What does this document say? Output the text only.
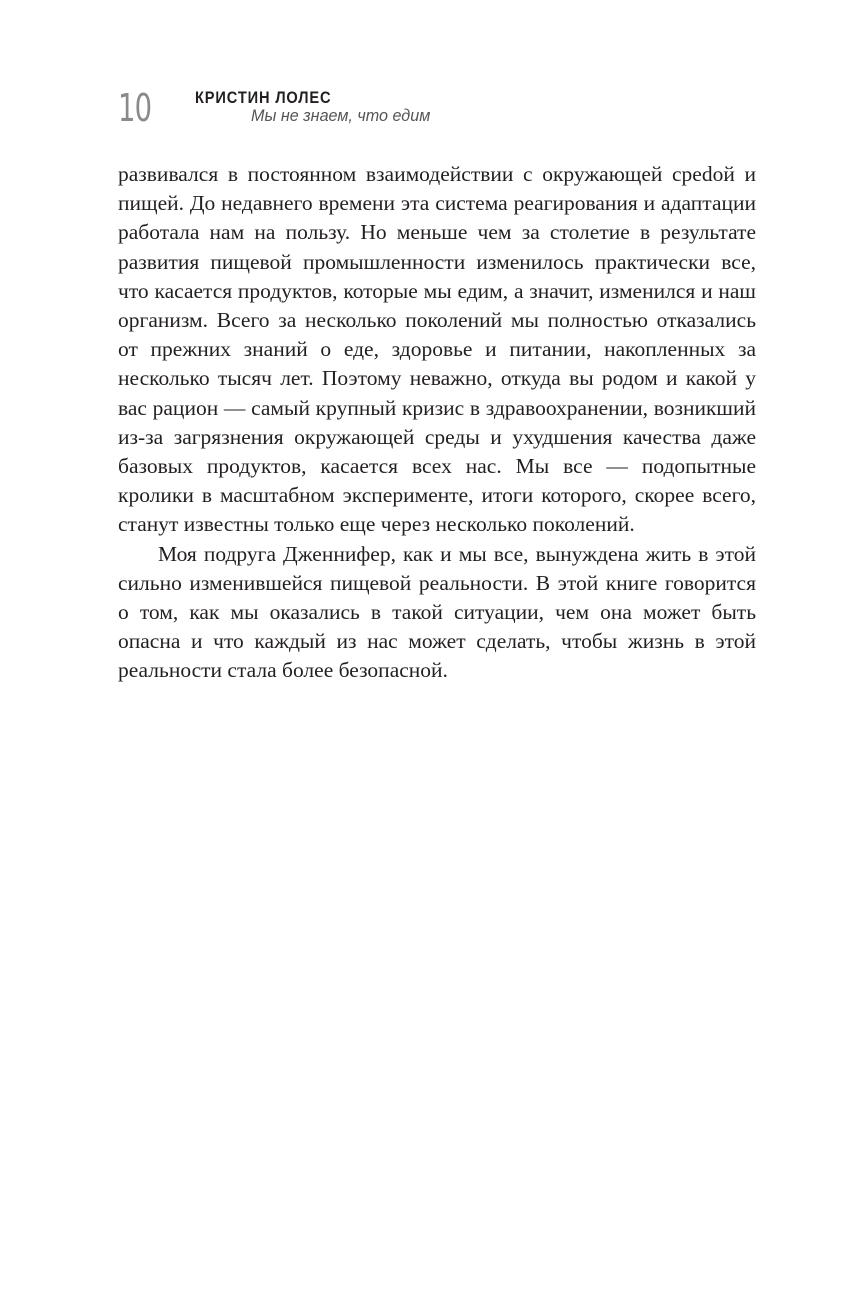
10	КРИСТИН ЛОЛЕС
Мы не знаем, что едим

развивался в постоянном взаимодействии с окружающей среdой и пищей. До недавнего времени эта система реагирования и адаптации работала нам на пользу. Но меньше чем за столетие в результате развития пищевой промышленности изменилось практически все, что касается продуктов, которые мы едим, а значит, изменился и наш организм. Всего за несколько поколений мы полностью отказались от прежних знаний о еде, здоровье и питании, накопленных за несколько тысяч лет. Поэтому неважно, откуда вы родом и какой у вас рацион — самый крупный кризис в здравоохранении, возникший из-за загрязнения окружающей среды и ухудшения качества даже базовых продуктов, касается всех нас. Мы все — подопытные кролики в масштабном эксперименте, итоги которого, скорее всего, станут известны только еще через несколько поколений.

Моя подруга Дженнифер, как и мы все, вынуждена жить в этой сильно изменившейся пищевой реальности. В этой книге говорится о том, как мы оказались в такой ситуации, чем она может быть опасна и что каждый из нас может сделать, чтобы жизнь в этой реальности стала более безопасной.
